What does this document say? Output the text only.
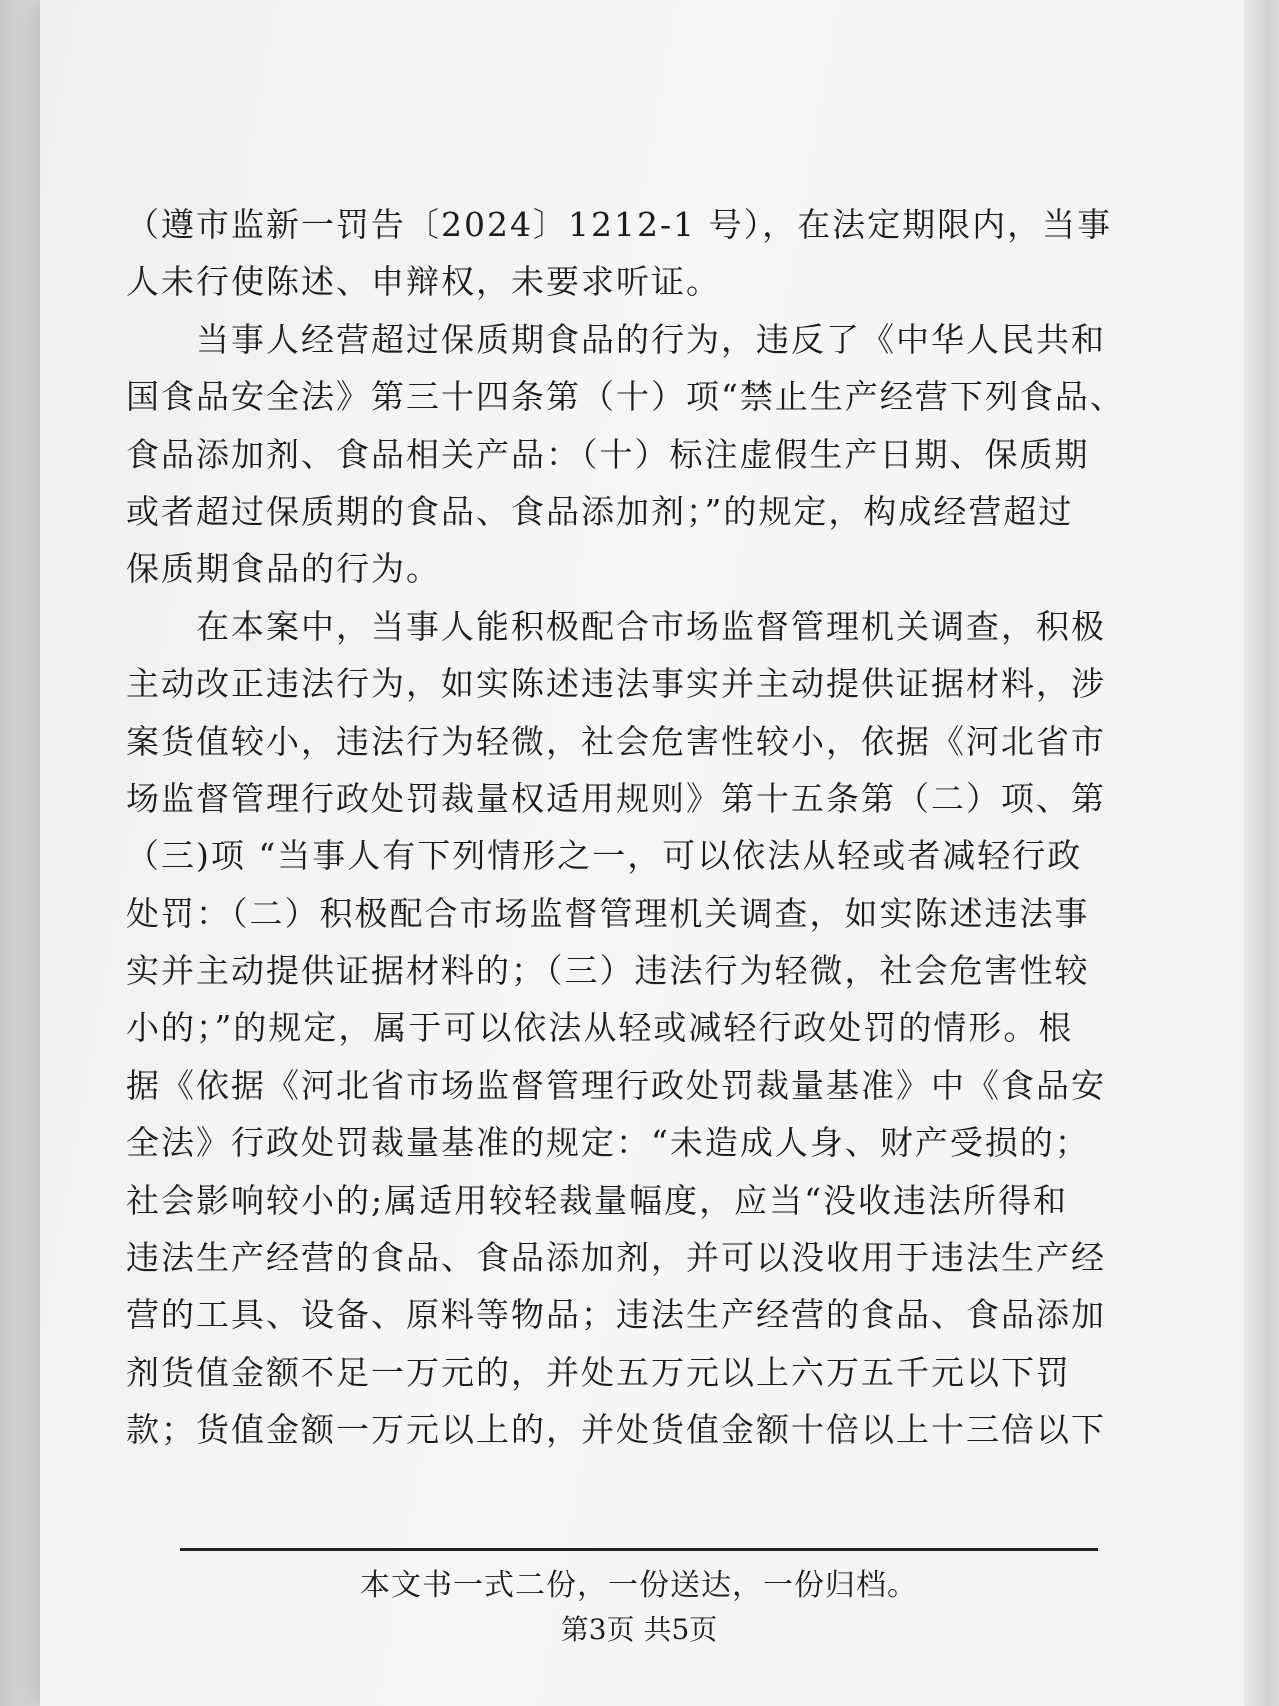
（遵市监新一罚告〔2024〕1212-1 号），在法定期限内，当事
人未行使陈述、申辩权，未要求听证。
　　当事人经营超过保质期食品的行为，违反了《中华人民共和
国食品安全法》第三十四条第（十）项“禁止生产经营下列食品、
食品添加剂、食品相关产品：（十）标注虚假生产日期、保质期
或者超过保质期的食品、食品添加剂；”的规定，构成经营超过
保质期食品的行为。
　　在本案中，当事人能积极配合市场监督管理机关调查，积极
主动改正违法行为，如实陈述违法事实并主动提供证据材料，涉
案货值较小，违法行为轻微，社会危害性较小，依据《河北省市
场监督管理行政处罚裁量权适用规则》第十五条第（二）项、第
（三)项 “当事人有下列情形之一，可以依法从轻或者减轻行政
处罚：（二）积极配合市场监督管理机关调查，如实陈述违法事
实并主动提供证据材料的；（三）违法行为轻微，社会危害性较
小的；”的规定，属于可以依法从轻或减轻行政处罚的情形。根
据《依据《河北省市场监督管理行政处罚裁量基准》中《食品安
全法》行政处罚裁量基准的规定：“未造成人身、财产受损的；
社会影响较小的;属适用较轻裁量幅度，应当“没收违法所得和
违法生产经营的食品、食品添加剂，并可以没收用于违法生产经
营的工具、设备、原料等物品；违法生产经营的食品、食品添加
剂货值金额不足一万元的，并处五万元以上六万五千元以下罚
款；货值金额一万元以上的，并处货值金额十倍以上十三倍以下
本文书一式二份，一份送达，一份归档。
第3页 共5页
